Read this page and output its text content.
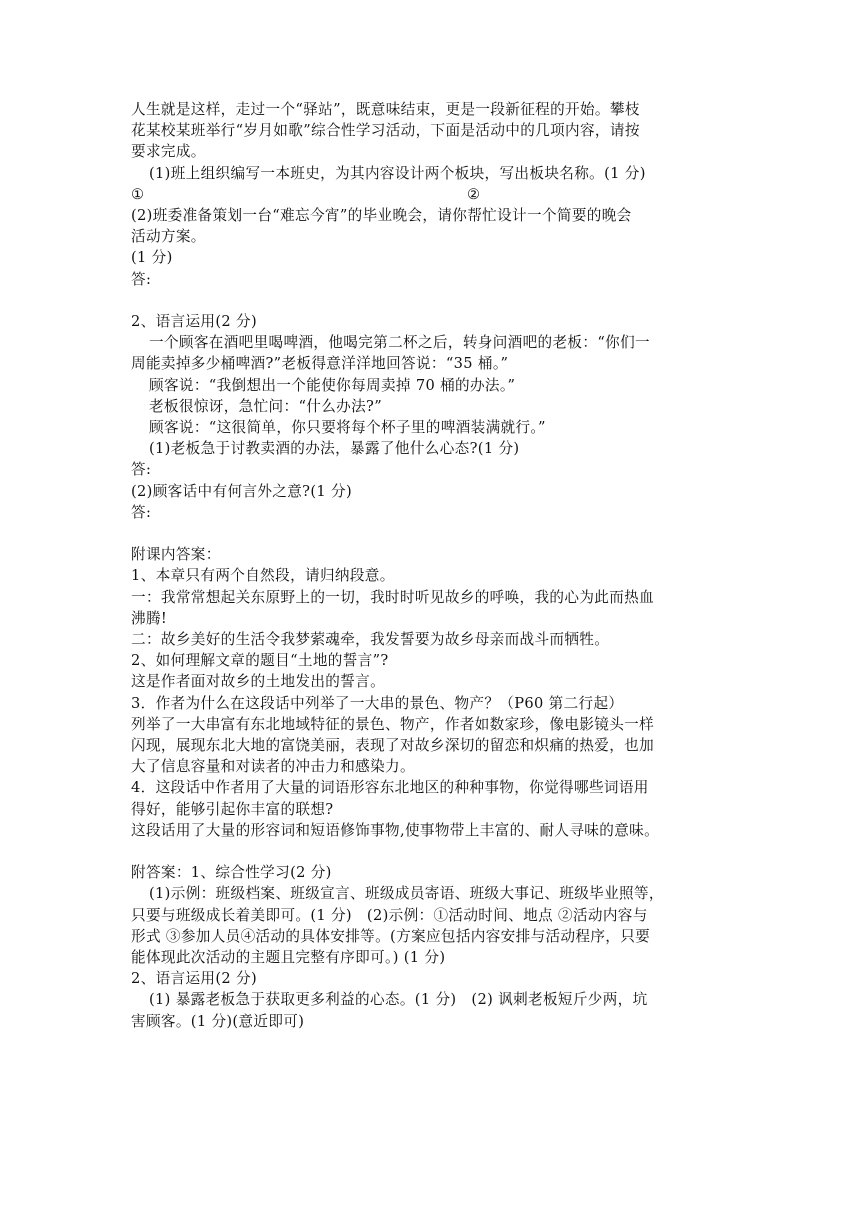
人生就是这样，走过一个“驿站”，既意味结束，更是一段新征程的开始。攀枝

花某校某班举行“岁月如歌”综合性学习活动，下面是活动中的几项内容，请按

要求完成。

(1)班上组织编写一本班史，为其内容设计两个板块，写出板块名称。(1 分)

①	②

(2)班委准备策划一台“难忘今宵”的毕业晚会，请你帮忙设计一个简要的晚会

活动方案。

(1 分)

答:

2、语言运用(2 分)

一个顾客在酒吧里喝啤酒，他喝完第二杯之后，转身问酒吧的老板：“你们一

周能卖掉多少桶啤酒?”老板得意洋洋地回答说：“35 桶。”

顾客说：“我倒想出一个能使你每周卖掉 70 桶的办法。”

老板很惊讶，急忙问：“什么办法?”

顾客说：“这很简单，你只要将每个杯子里的啤酒装满就行。”

(1)老板急于讨教卖酒的办法，暴露了他什么心态?(1 分)

答:

(2)顾客话中有何言外之意?(1 分)

答:

附课内答案：

1、本章只有两个自然段，请归纳段意。

一：我常常想起关东原野上的一切，我时时听见故乡的呼唤，我的心为此而热血

沸腾!

二：故乡美好的生活令我梦萦魂牵，我发誓要为故乡母亲而战斗而牺牲。

2、如何理解文章的题目“土地的誓言”?

这是作者面对故乡的土地发出的誓言。

3．作者为什么在这段话中列举了一大串的景色、物产？（P60 第二行起）

列举了一大串富有东北地域特征的景色、物产，作者如数家珍，像电影镜头一样

闪现，展现东北大地的富饶美丽，表现了对故乡深切的留恋和炽痛的热爱，也加

大了信息容量和对读者的冲击力和感染力。

4．这段话中作者用了大量的词语形容东北地区的种种事物，你觉得哪些词语用

得好，能够引起你丰富的联想?

这段话用了大量的形容词和短语修饰事物,使事物带上丰富的、耐人寻味的意味。

附答案：1、综合性学习(2 分)

(1)示例：班级档案、班级宣言、班级成员寄语、班级大事记、班级毕业照等，

只要与班级成长着美即可。(1 分)　(2)示例：①活动时间、地点 ②活动内容与

形式 ③参加人员④活动的具体安排等。(方案应包括内容安排与活动程序，只要

能体现此次活动的主题且完整有序即可。) (1 分)

2、语言运用(2 分)

(1) 暴露老板急于获取更多利益的心态。(1 分)　(2) 讽刺老板短斤少两，坑

害顾客。(1 分)(意近即可)
